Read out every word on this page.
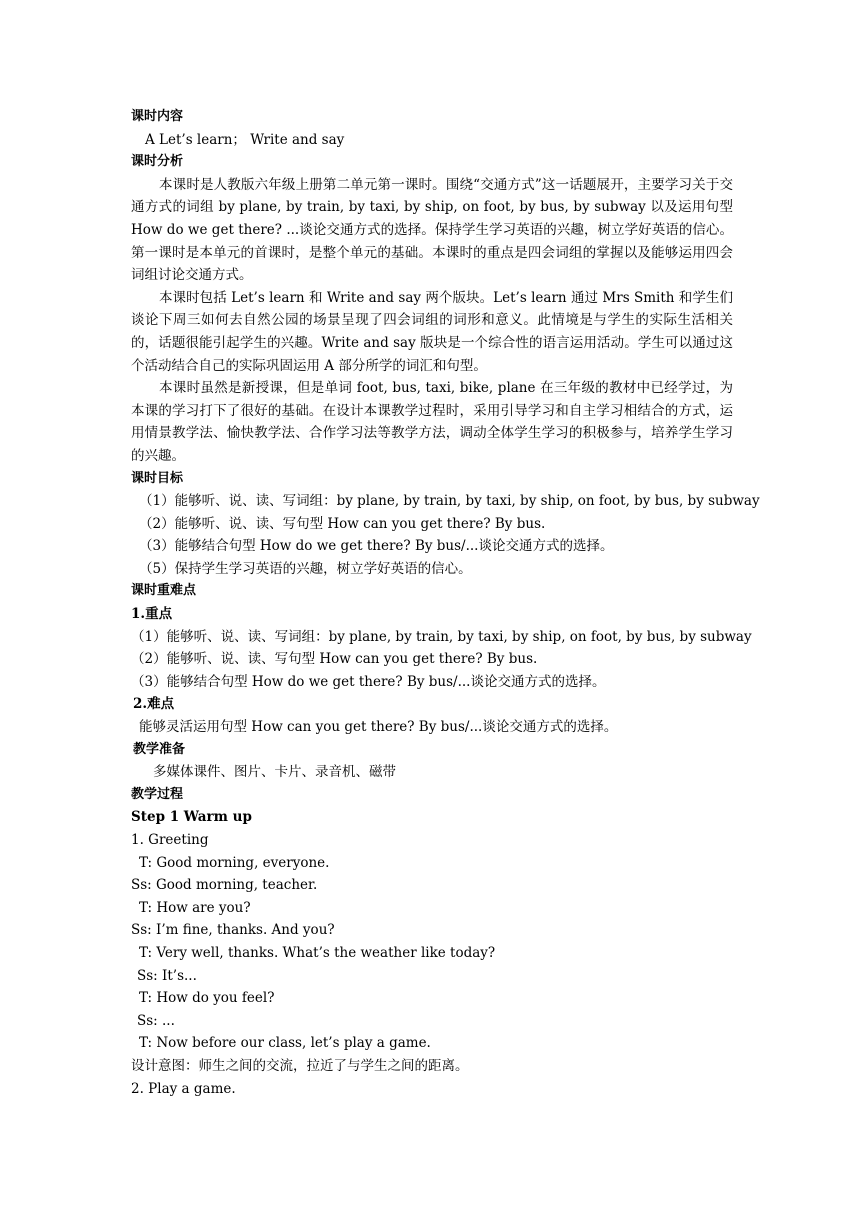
课时内容
A Let’s learn； Write and say
课时分析
本课时是人教版六年级上册第二单元第一课时。围绕“交通方式”这一话题展开，主要学习关于交通方式的词组 by plane, by train, by taxi, by ship, on foot, by bus, by subway 以及运用句型 How do we get there? ...谈论交通方式的选择。保持学生学习英语的兴趣，树立学好英语的信心。第一课时是本单元的首课时，是整个单元的基础。本课时的重点是四会词组的掌握以及能够运用四会词组讨论交通方式。
本课时包括 Let’s learn 和 Write and say 两个版块。Let’s learn 通过 Mrs Smith 和学生们谈论下周三如何去自然公园的场景呈现了四会词组的词形和意义。此情境是与学生的实际生活相关的，话题很能引起学生的兴趣。Write and say 版块是一个综合性的语言运用活动。学生可以通过这个活动结合自己的实际巩固运用 A 部分所学的词汇和句型。
本课时虽然是新授课，但是单词 foot, bus, taxi, bike, plane 在三年级的教材中已经学过，为本课的学习打下了很好的基础。在设计本课教学过程时，采用引导学习和自主学习相结合的方式，运用情景教学法、愉快教学法、合作学习法等教学方法，调动全体学生学习的积极参与，培养学生学习的兴趣。
课时目标
（1）能够听、说、读、写词组：by plane, by train, by taxi, by ship, on foot, by bus, by subway
（2）能够听、说、读、写句型 How can you get there? By bus.
（3）能够结合句型 How do we get there? By bus/...谈论交通方式的选择。
（5）保持学生学习英语的兴趣，树立学好英语的信心。
课时重难点
1.重点
（1）能够听、说、读、写词组：by plane, by train, by taxi, by ship, on foot, by bus, by subway
（2）能够听、说、读、写句型 How can you get there? By bus.
（3）能够结合句型 How do we get there? By bus/...谈论交通方式的选择。
2.难点
能够灵活运用句型 How can you get there? By bus/...谈论交通方式的选择。
教学准备
多媒体课件、图片、卡片、录音机、磁带
教学过程
Step 1 Warm up
1. Greeting
T: Good morning, everyone.
Ss: Good morning, teacher.
T: How are you?
Ss: I’m fine, thanks. And you?
T: Very well, thanks. What’s the weather like today?
Ss: It’s...
T: How do you feel?
Ss: ...
T: Now before our class, let’s play a game.
设计意图：师生之间的交流，拉近了与学生之间的距离。
2. Play a game.
